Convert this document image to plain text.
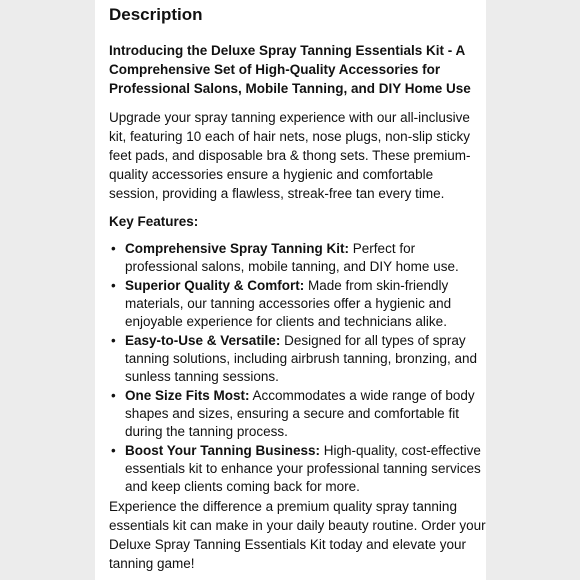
Description
Introducing the Deluxe Spray Tanning Essentials Kit - A Comprehensive Set of High-Quality Accessories for Professional Salons, Mobile Tanning, and DIY Home Use
Upgrade your spray tanning experience with our all-inclusive kit, featuring 10 each of hair nets, nose plugs, non-slip sticky feet pads, and disposable bra & thong sets. These premium-quality accessories ensure a hygienic and comfortable session, providing a flawless, streak-free tan every time.
Key Features:
• Comprehensive Spray Tanning Kit: Perfect for professional salons, mobile tanning, and DIY home use.
• Superior Quality & Comfort: Made from skin-friendly materials, our tanning accessories offer a hygienic and enjoyable experience for clients and technicians alike.
• Easy-to-Use & Versatile: Designed for all types of spray tanning solutions, including airbrush tanning, bronzing, and sunless tanning sessions.
• One Size Fits Most: Accommodates a wide range of body shapes and sizes, ensuring a secure and comfortable fit during the tanning process.
• Boost Your Tanning Business: High-quality, cost-effective essentials kit to enhance your professional tanning services and keep clients coming back for more.
Experience the difference a premium quality spray tanning essentials kit can make in your daily beauty routine. Order your Deluxe Spray Tanning Essentials Kit today and elevate your tanning game!
